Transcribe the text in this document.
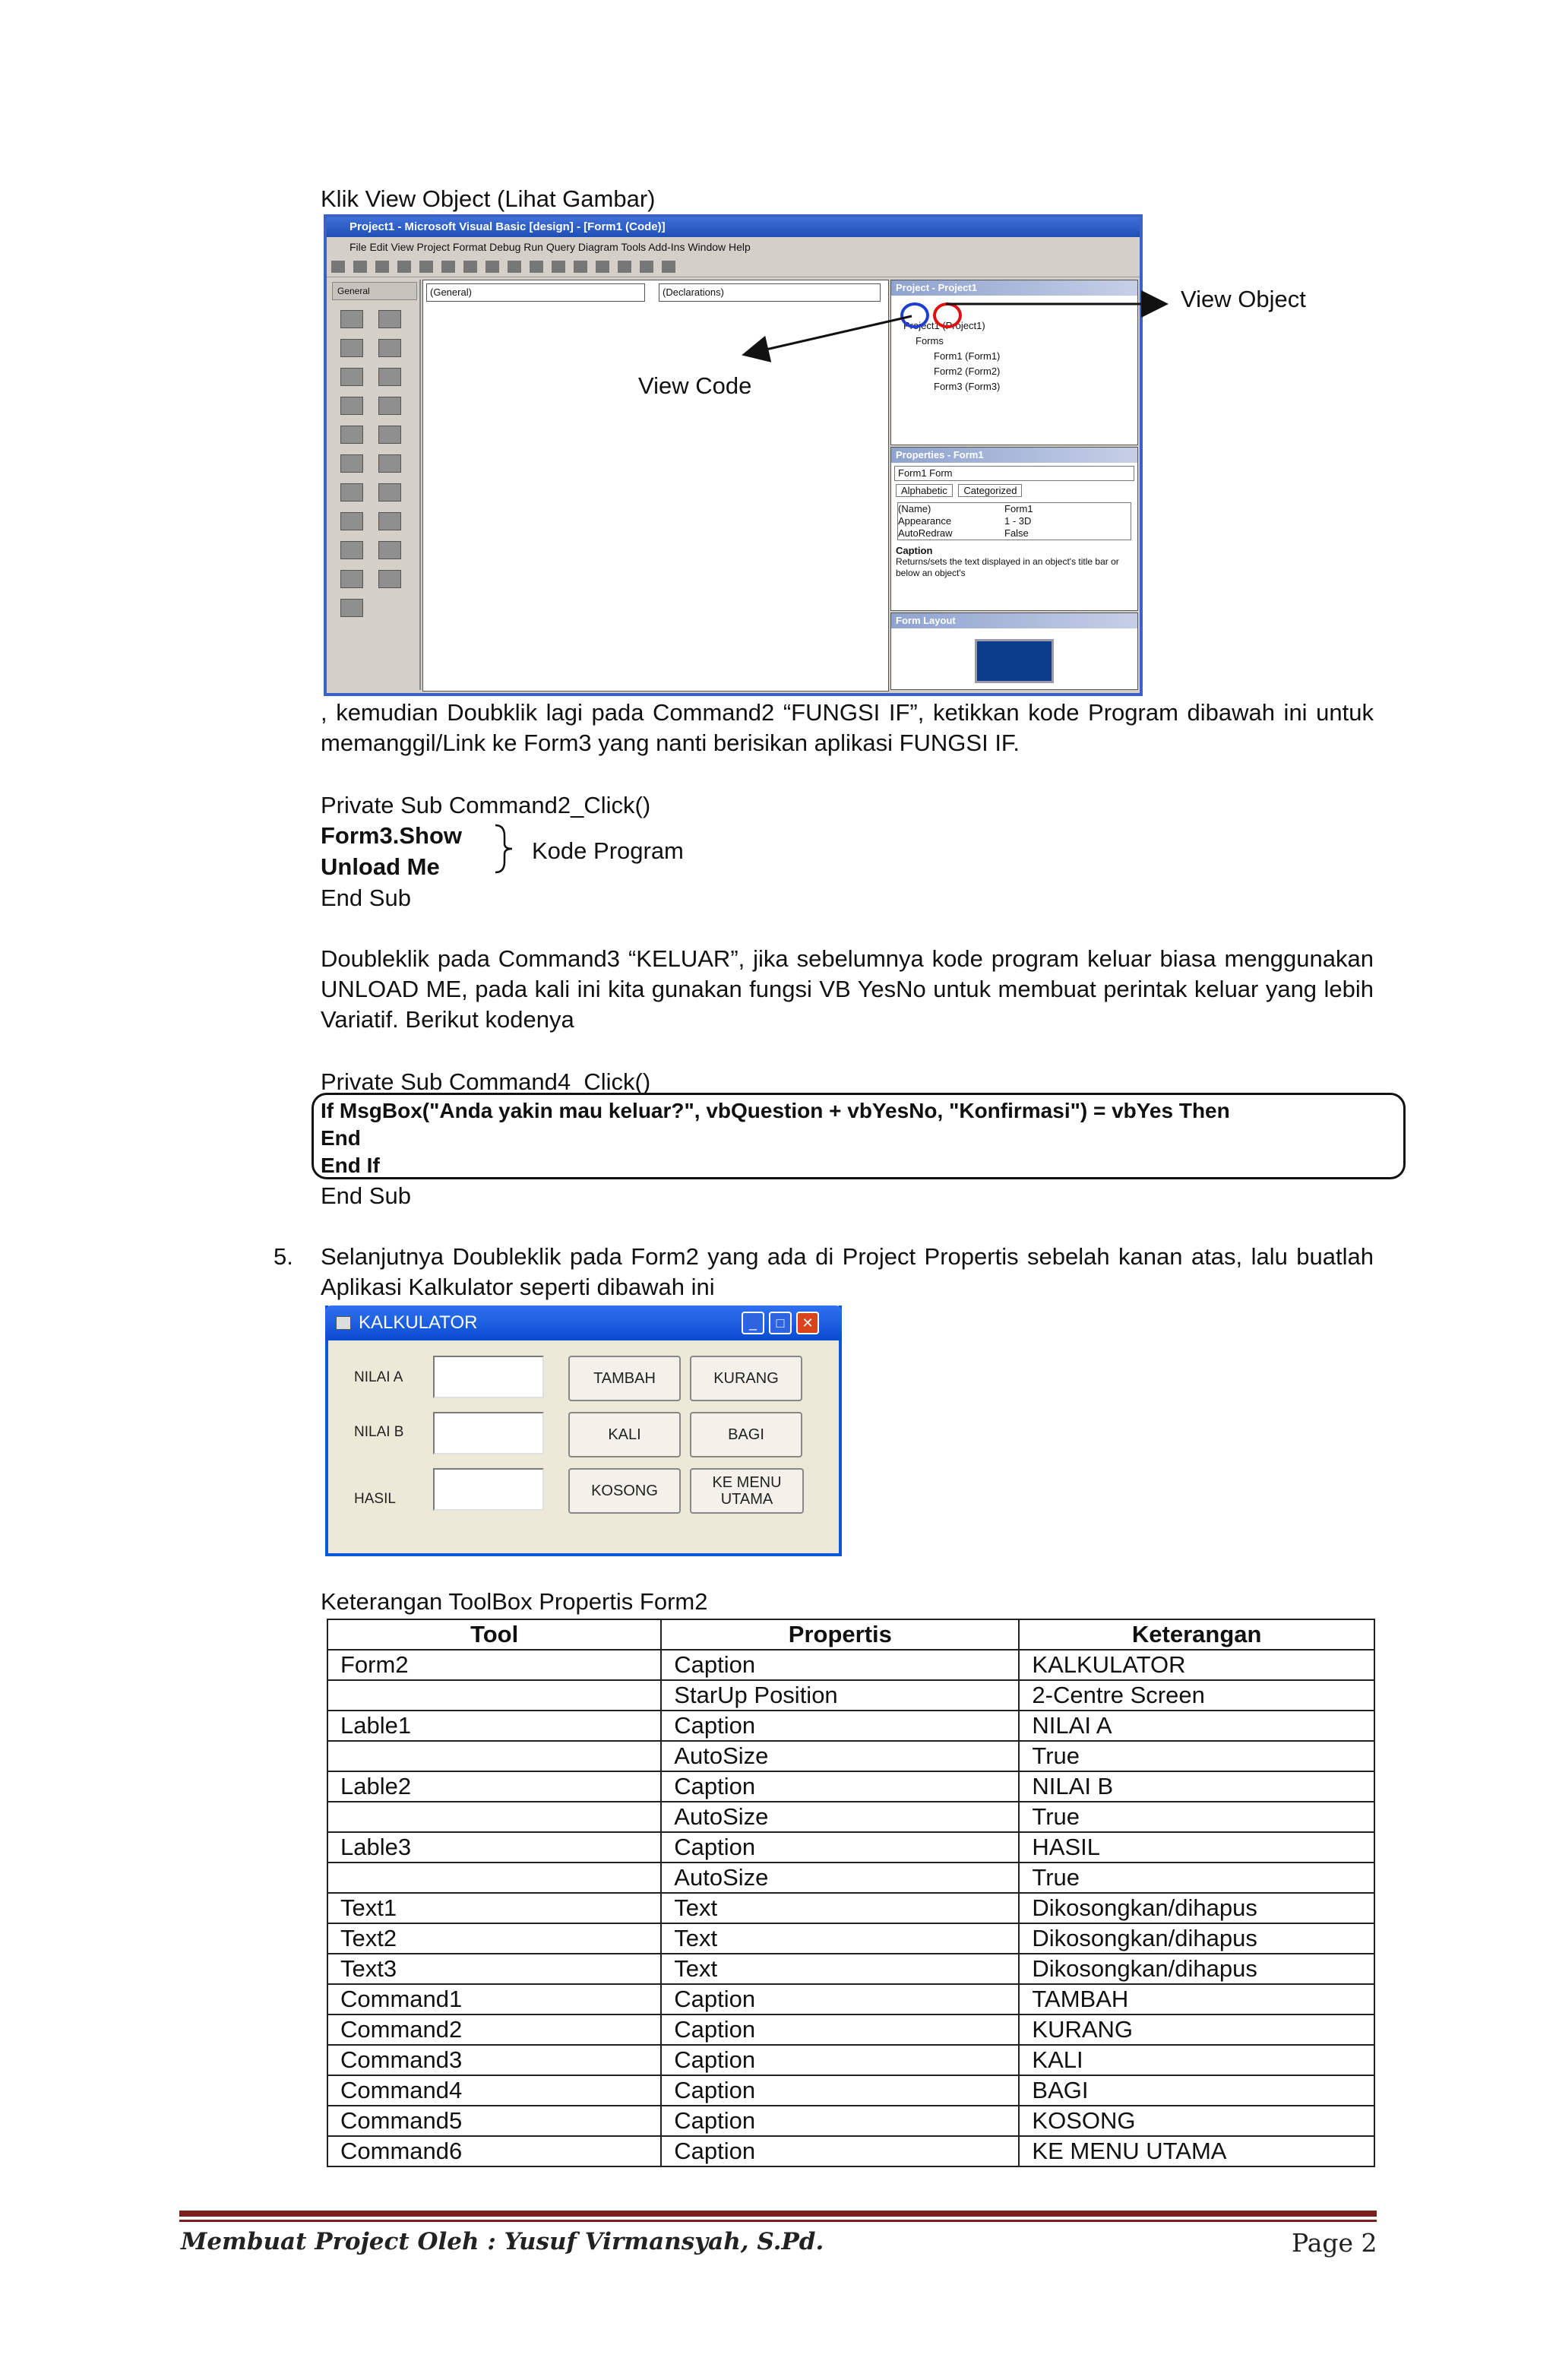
Klik View Object (Lihat Gambar)
Project1 - Microsoft Visual Basic [design] - [Form1 (Code)]
File Edit View Project Format Debug Run Query Diagram Tools Add-Ins Window Help
General	(General)	(Declarations)	Project - Project1
Project1 (Project1)
Forms
Form1 (Form1)
Form2 (Form2)
Form3 (Form3)
Properties - Form1
Form1 Form
Alphabetic Categorized
(Name)	Form1
Appearance	1 - 3D
AutoRedraw	False
Caption
Returns/sets the text displayed in an object's title bar or below an object's
Form Layout
View Object
View Code
, kemudian Doubklik lagi pada Command2 “FUNGSI IF”, ketikkan kode Program dibawah ini untuk memanggil/Link ke Form3 yang nanti berisikan aplikasi FUNGSI IF.
Private Sub Command2_Click()
Form3.Show
Unload Me
End Sub
Kode Program
Doubleklik pada Command3 “KELUAR”, jika sebelumnya kode program keluar biasa menggunakan UNLOAD ME, pada kali ini kita gunakan fungsi VB YesNo untuk membuat perintak keluar yang lebih Variatif. Berikut kodenya
Private Sub Command4_Click()
If MsgBox("Anda yakin mau keluar?", vbQuestion + vbYesNo, "Konfirmasi") = vbYes Then
End
End If
End Sub
5. Selanjutnya Doubleklik pada Form2 yang ada di Project Propertis sebelah kanan atas, lalu buatlah Aplikasi Kalkulator seperti dibawah ini
KALKULATOR	_	□	✕
NILAI A
NILAI B
HASIL
TAMBAH	KURANG
KALI	BAGI
KOSONG	KE MENU UTAMA
Keterangan ToolBox Propertis Form2
Tool	Propertis	Keterangan
Form2	Caption	KALKULATOR
	StarUp Position	2-Centre Screen
Lable1	Caption	NILAI A
	AutoSize	True
Lable2	Caption	NILAI B
	AutoSize	True
Lable3	Caption	HASIL
	AutoSize	True
Text1	Text	Dikosongkan/dihapus
Text2	Text	Dikosongkan/dihapus
Text3	Text	Dikosongkan/dihapus
Command1	Caption	TAMBAH
Command2	Caption	KURANG
Command3	Caption	KALI
Command4	Caption	BAGI
Command5	Caption	KOSONG
Command6	Caption	KE MENU UTAMA
Membuat Project Oleh : Yusuf Virmansyah, S.Pd.	Page 2
